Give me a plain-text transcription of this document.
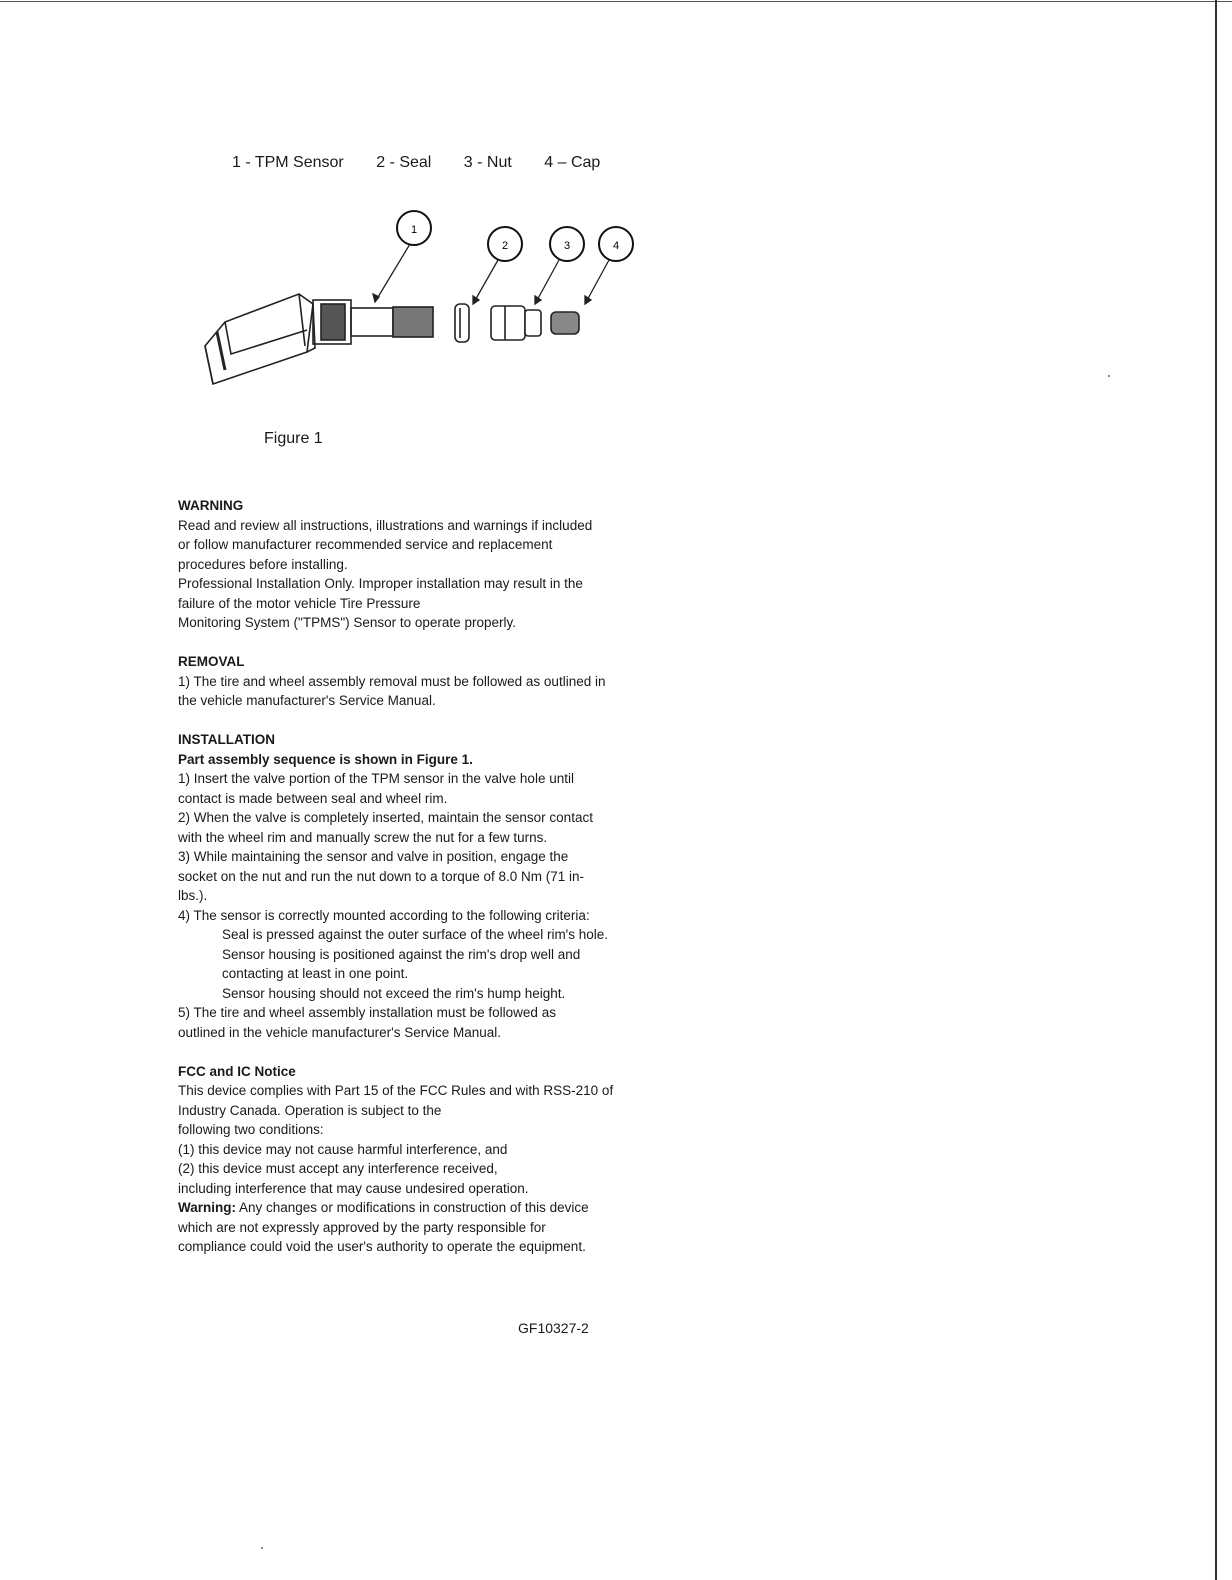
1 - TPM Sensor 2 - Seal 3 - Nut 4 – Cap
1
2	3	4
Figure 1

WARNING

Read and review all instructions, illustrations and warnings if included

or follow manufacturer recommended service and replacement

procedures before installing.

Professional Installation Only. Improper installation may result in the

failure of the motor vehicle Tire Pressure

Monitoring System ("TPMS") Sensor to operate properly.

REMOVAL

1) The tire and wheel assembly removal must be followed as outlined in

the vehicle manufacturer's Service Manual.

INSTALLATION

Part assembly sequence is shown in Figure 1.

1) Insert the valve portion of the TPM sensor in the valve hole until

contact is made between seal and wheel rim.

2) When the valve is completely inserted, maintain the sensor contact

with the wheel rim and manually screw the nut for a few turns.

3) While maintaining the sensor and valve in position, engage the

socket on the nut and run the nut down to a torque of 8.0 Nm (71 in-

lbs.).

4) The sensor is correctly mounted according to the following criteria:

Seal is pressed against the outer surface of the wheel rim's hole.

Sensor housing is positioned against the rim's drop well and

contacting at least in one point.

Sensor housing should not exceed the rim's hump height.

5) The tire and wheel assembly installation must be followed as

outlined in the vehicle manufacturer's Service Manual.

FCC and IC Notice

This device complies with Part 15 of the FCC Rules and with RSS-210 of

Industry Canada. Operation is subject to the

following two conditions:

(1) this device may not cause harmful interference, and

(2) this device must accept any interference received,

including interference that may cause undesired operation.

Warning: Any changes or modifications in construction of this device

which are not expressly approved by the party responsible for

compliance could void the user's authority to operate the equipment.

GF10327-2
